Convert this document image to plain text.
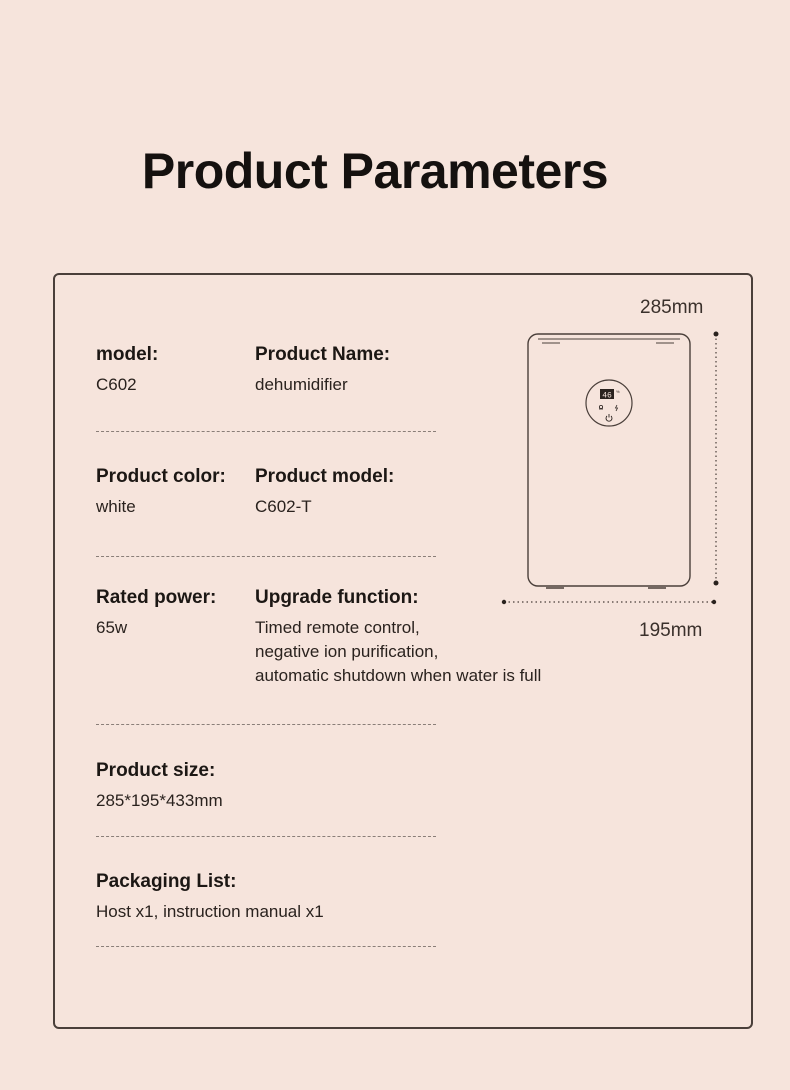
Product Parameters
model:
C602
Product Name:
dehumidifier
Product color:
white
Product model:
C602-T
Rated power:
65w
Upgrade function:
Timed remote control,
negative ion purification,
automatic shutdown when water is full
Product size:
285*195*433mm
Packaging List:
Host x1, instruction manual x1
285mm
195mm
46 %
